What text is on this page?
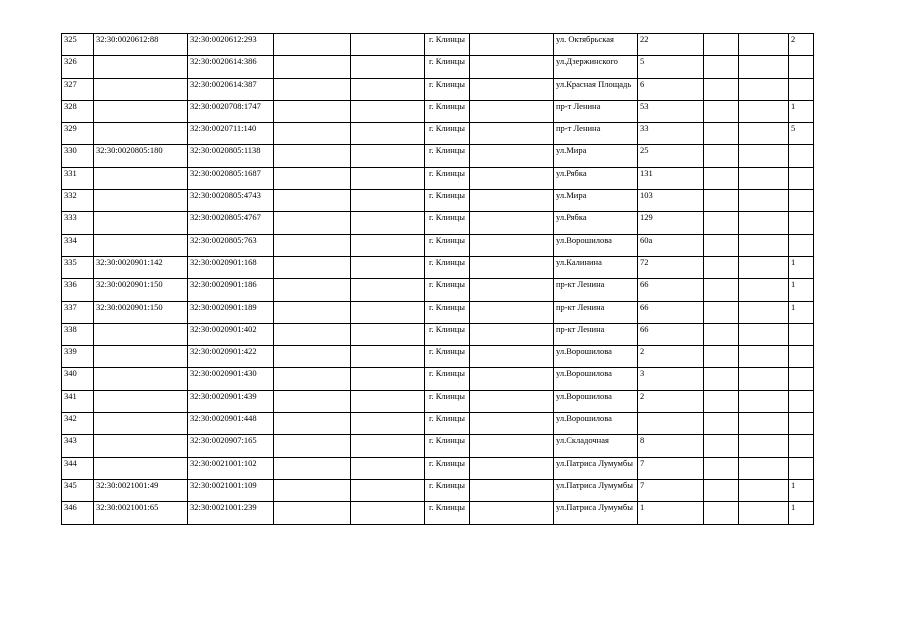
325	32:30:0020612:88	32:30:0020612:293			г. Клинцы		ул. Октябрьская	22			2
326		32:30:0020614:386			г. Клинцы		ул.Дзержинского	5			
327		32:30:0020614:387			г. Клинцы		ул.Красная Площадь	6			
328		32:30:0020708:1747			г. Клинцы		пр-т Ленина	53			1
329		32:30:0020711:140			г. Клинцы		пр-т Ленина	33			5
330	32:30:0020805:180	32:30:0020805:1138			г. Клинцы		ул.Мира	25			
331		32:30:0020805:1687			г. Клинцы		ул.Рябка	131			
332		32:30:0020805:4743			г. Клинцы		ул.Мира	103			
333		32:30:0020805:4767			г. Клинцы		ул.Рябка	129			
334		32:30:0020805:763			г. Клинцы		ул.Ворошилова	60а			
335	32:30:0020901:142	32:30:0020901:168			г. Клинцы		ул.Калинина	72			1
336	32:30:0020901:150	32:30:0020901:186			г. Клинцы		пр-кт Ленина	66			1
337	32:30:0020901:150	32:30:0020901:189			г. Клинцы		пр-кт Ленина	66			1
338		32:30:0020901:402			г. Клинцы		пр-кт Ленина	66			
339		32:30:0020901:422			г. Клинцы		ул.Ворошилова	2			
340		32:30:0020901:430			г. Клинцы		ул.Ворошилова	3			
341		32:30:0020901:439			г. Клинцы		ул.Ворошилова	2			
342		32:30:0020901:448			г. Клинцы		ул.Ворошилова				
343		32:30:0020907:165			г. Клинцы		ул.Складочная	8			
344		32:30:0021001:102			г. Клинцы		ул.Патриса Лумумбы	7			
345	32:30:0021001:49	32:30:0021001:109			г. Клинцы		ул.Патриса Лумумбы	7			1
346	32:30:0021001:65	32:30:0021001:239			г. Клинцы		ул.Патриса Лумумбы	1			1
